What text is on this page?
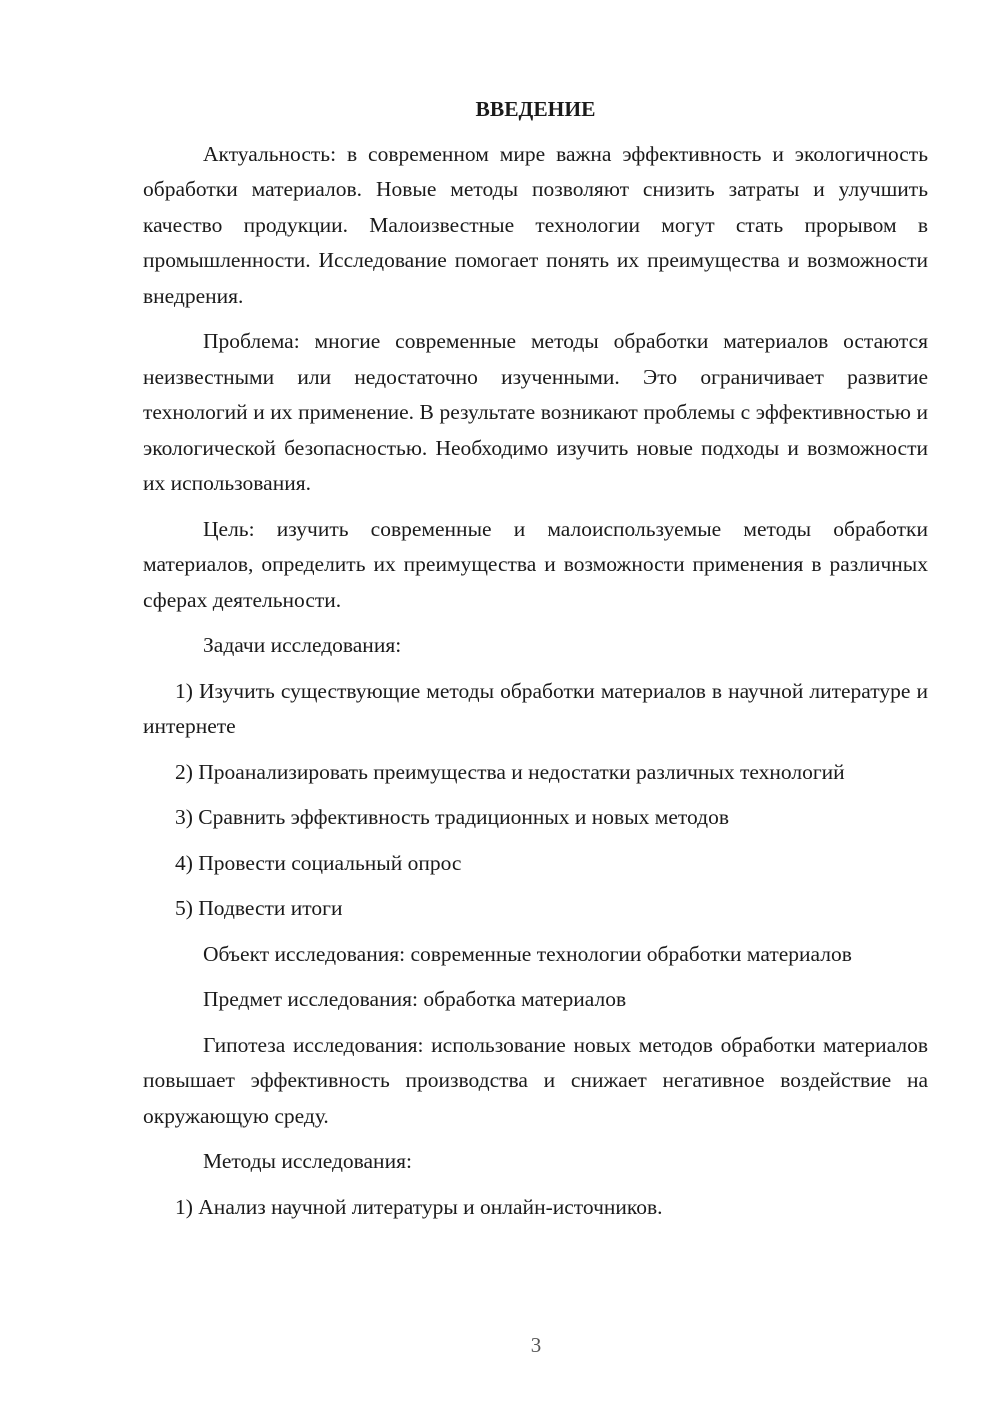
ВВЕДЕНИЕ

Актуальность: в современном мире важна эффективность и экологичность обработки материалов. Новые методы позволяют снизить затраты и улучшить качество продукции. Малоизвестные технологии могут стать прорывом в промышленности. Исследование помогает понять их преимущества и возможности внедрения.

Проблема: многие современные методы обработки материалов остаются неизвестными или недостаточно изученными. Это ограничивает развитие технологий и их применение. В результате возникают проблемы с эффективностью и экологической безопасностью. Необходимо изучить новые подходы и возможности их использования.

Цель: изучить современные и малоиспользуемые методы обработки материалов, определить их преимущества и возможности применения в различных сферах деятельности.

Задачи исследования:

1) Изучить существующие методы обработки материалов в научной литературе и интернете

2) Проанализировать преимущества и недостатки различных технологий

3) Сравнить эффективность традиционных и новых методов

4) Провести социальный опрос

5) Подвести итоги

Объект исследования: современные технологии обработки материалов

Предмет исследования: обработка материалов

Гипотеза исследования: использование новых методов обработки материалов повышает эффективность производства и снижает негативное воздействие на окружающую среду.

Методы исследования:

1) Анализ научной литературы и онлайн-источников.

3
